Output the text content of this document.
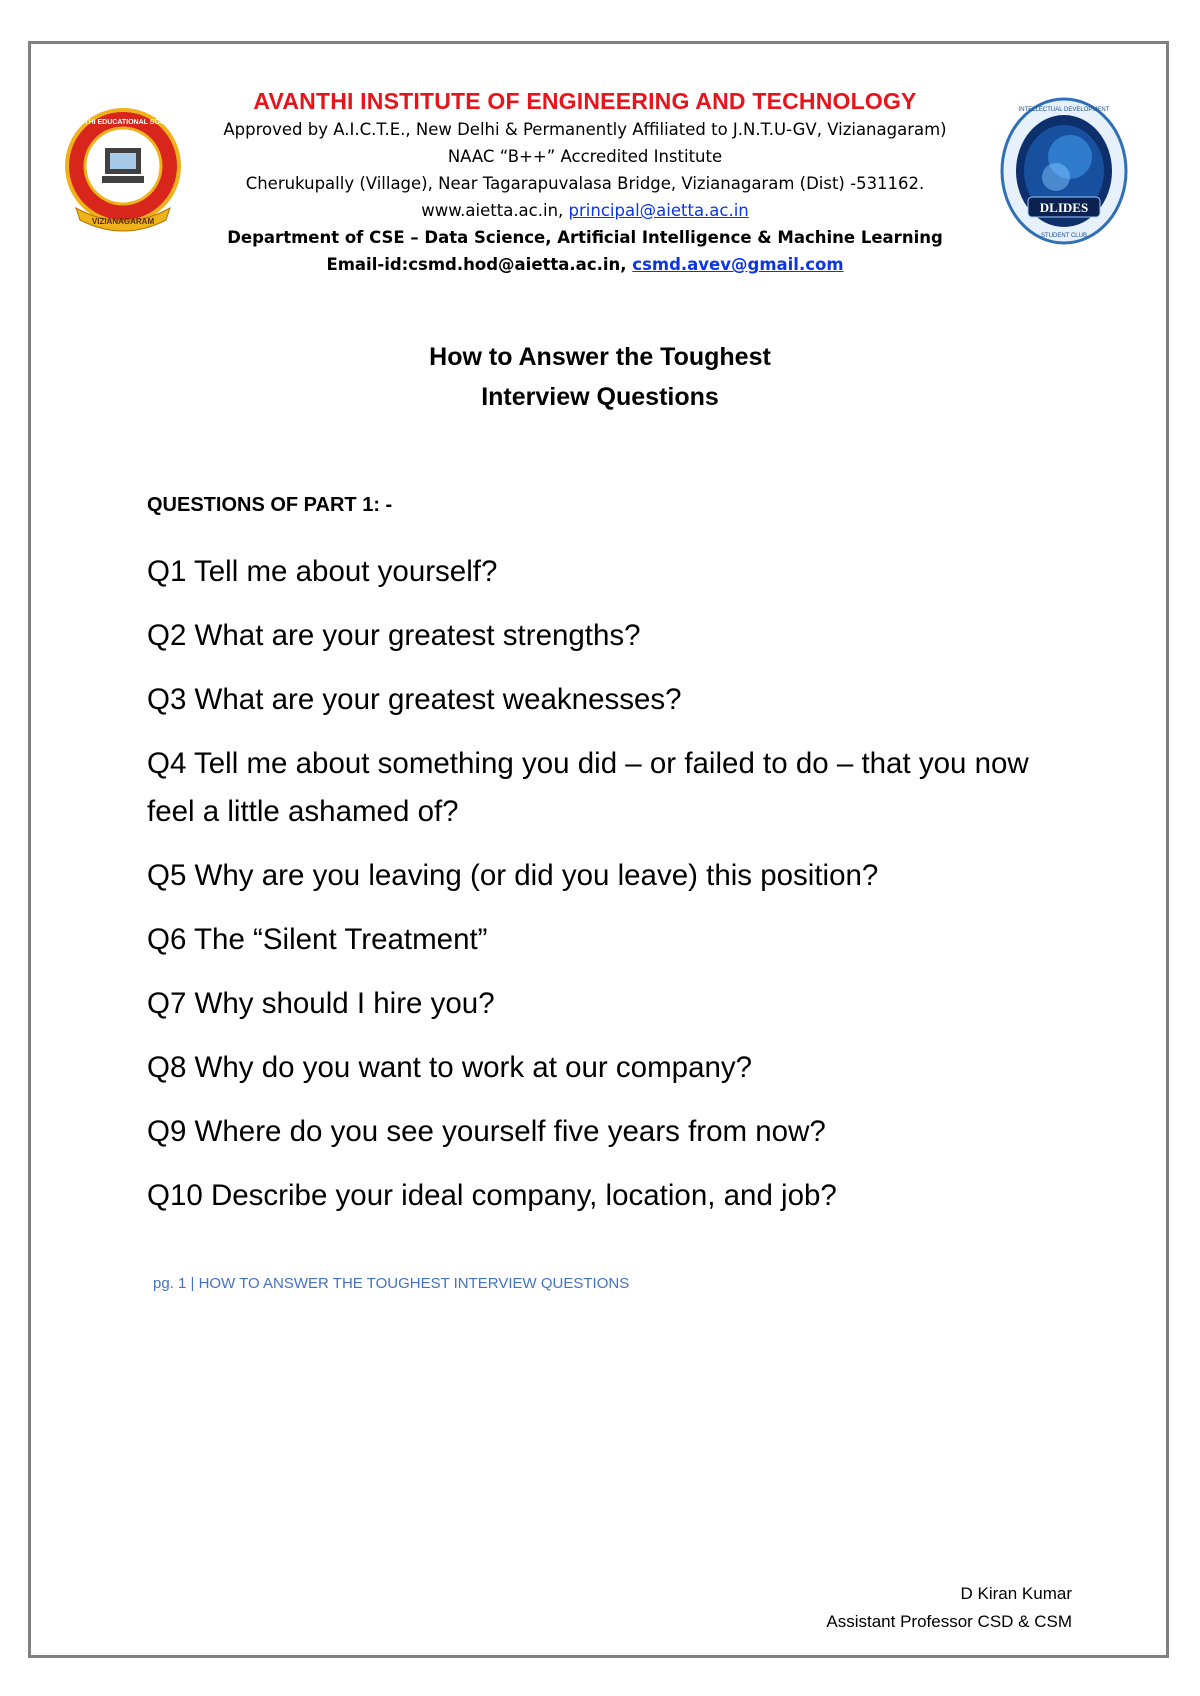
VIZIANAGARAM
AVANTHI EDUCATIONAL SOCIETY
AVANTHI INSTITUTE OF ENGINEERING AND TECHNOLOGY
Approved by A.I.C.T.E., New Delhi & Permanently Affiliated to J.N.T.U-GV, Vizianagaram)
NAAC “B++” Accredited Institute
Cherukupally (Village), Near Tagarapuvalasa Bridge, Vizianagaram (Dist) -531162.
www.aietta.ac.in, principal@aietta.ac.in
Department of CSE – Data Science, Artificial Intelligence & Machine Learning
Email-id:csmd.hod@aietta.ac.in, csmd.avev@gmail.com
DLIDES
INTELLECTUAL DEVELOPMENT
STUDENT CLUB
How to Answer the Toughest
Interview Questions
QUESTIONS OF PART 1: -
Q1 Tell me about yourself?
Q2 What are your greatest strengths?
Q3 What are your greatest weaknesses?
Q4 Tell me about something you did – or failed to do – that you now feel a little ashamed of?
Q5 Why are you leaving (or did you leave) this position?
Q6 The “Silent Treatment”
Q7 Why should I hire you?
Q8 Why do you want to work at our company?
Q9 Where do you see yourself five years from now?
Q10 Describe your ideal company, location, and job?
pg. 1 | HOW TO ANSWER THE TOUGHEST INTERVIEW QUESTIONS
D Kiran Kumar
Assistant Professor CSD & CSM
